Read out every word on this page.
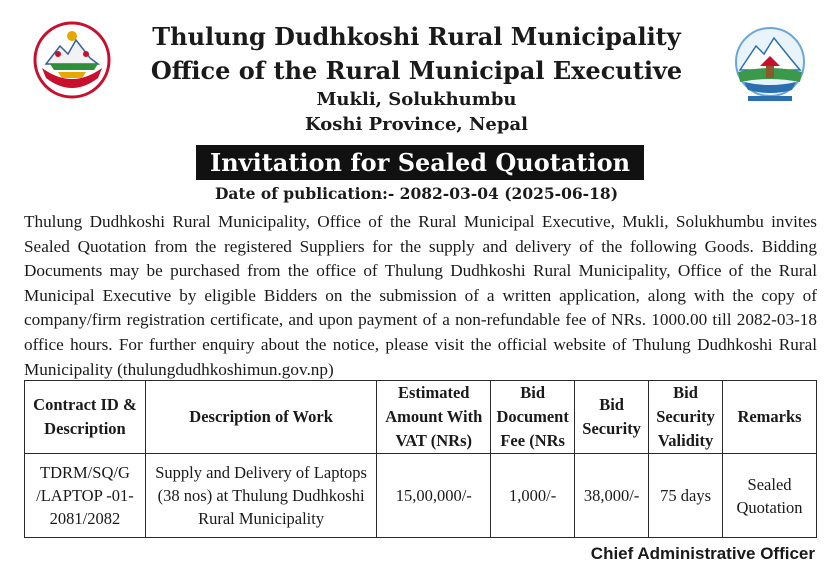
Thulung Dudhkoshi Rural Municipality
Office of the Rural Municipal Executive
Mukli, Solukhumbu
Koshi Province, Nepal
Invitation for Sealed Quotation
Date of publication:- 2082-03-04 (2025-06-18)

Thulung Dudhkoshi Rural Municipality, Office of the Rural Municipal Executive, Mukli, Solukhumbu invites Sealed Quotation from the registered Suppliers for the supply and delivery of the following Goods. Bidding Documents may be purchased from the office of Thulung Dudhkoshi Rural Municipality, Office of the Rural Municipal Executive by eligible Bidders on the submission of a written application, along with the copy of company/firm registration certificate, and upon payment of a non-refundable fee of NRs. 1000.00 till 2082-03-18 office hours. For further enquiry about the notice, please visit the official website of Thulung Dudhkoshi Rural Municipality (thulungdudhkoshimun.gov.np)

Contract ID & Description	Description of Work	Estimated Amount With VAT (NRs)	Bid Document Fee (NRs	Bid Security	Bid Security Validity	Remarks
TDRM/SQ/G /LAPTOP -01-2081/2082	Supply and Delivery of Laptops (38 nos) at Thulung Dudhkoshi Rural Municipality	15,00,000/-	1,000/-	38,000/-	75 days	Sealed Quotation
Chief Administrative Officer
